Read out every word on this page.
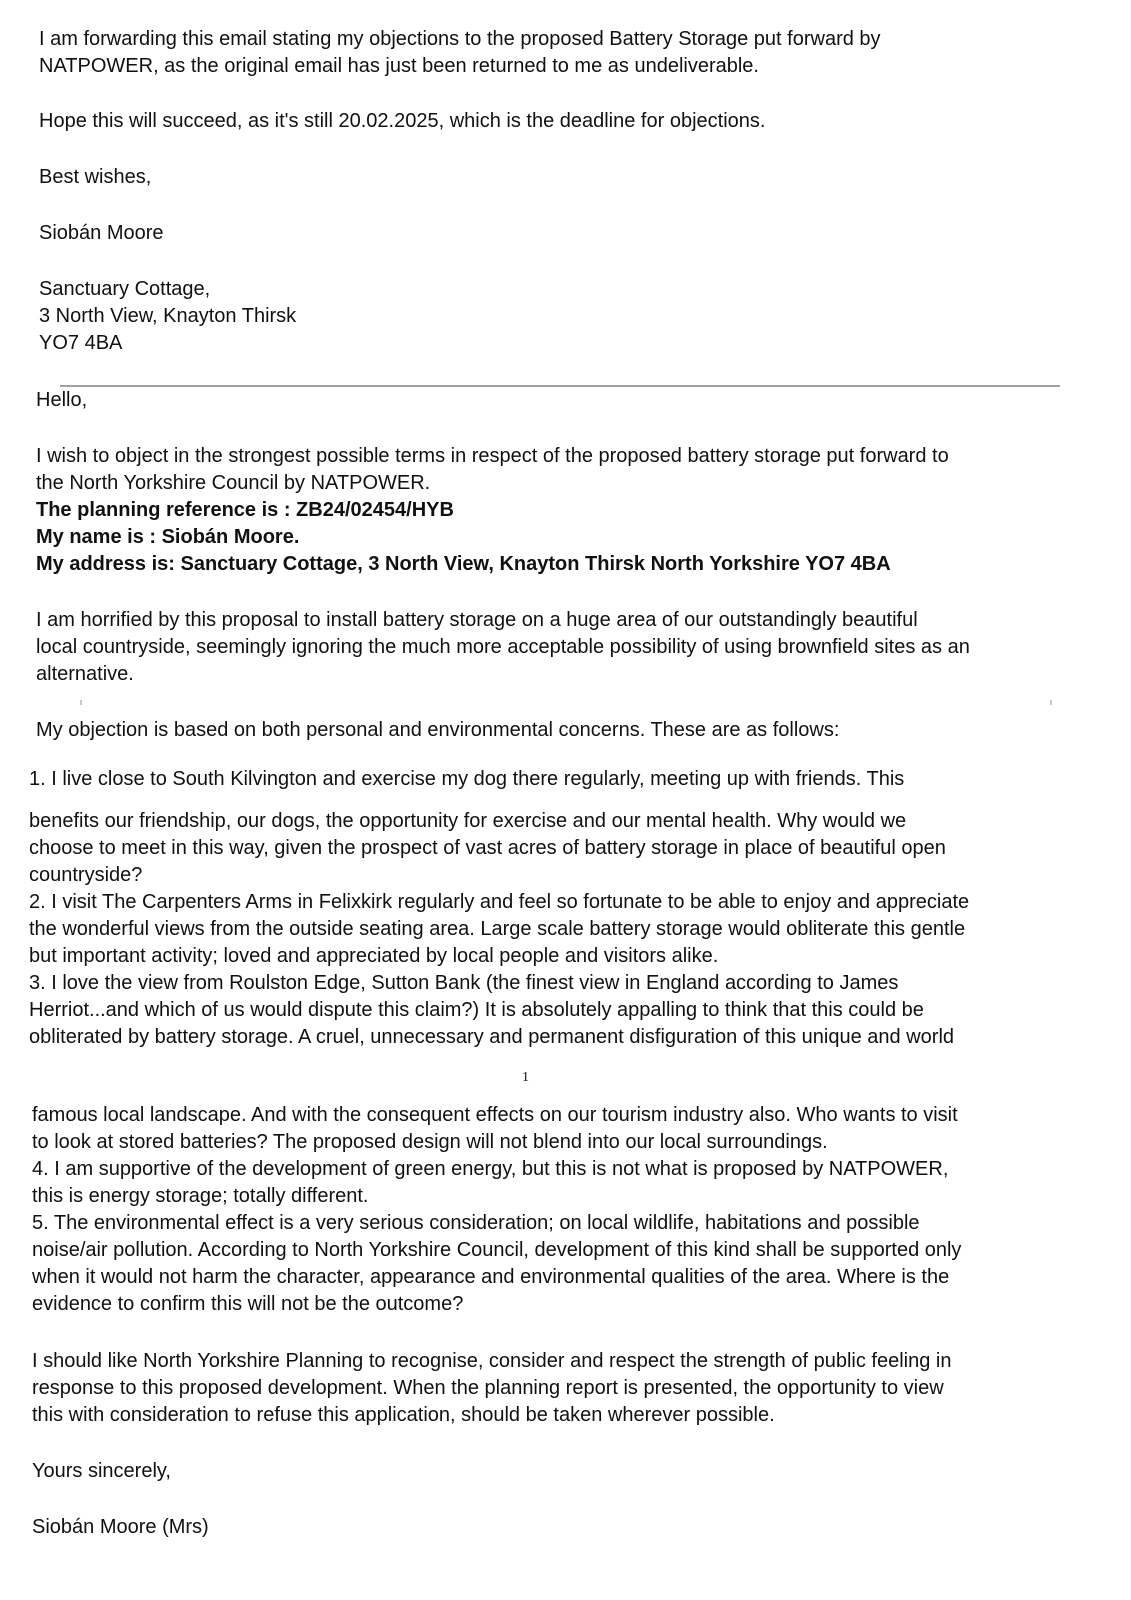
I am forwarding this email stating my objections to the proposed Battery Storage put forward by
NATPOWER, as the original email has just been returned to me as undeliverable.
Hope this will succeed, as it's still 20.02.2025, which is the deadline for objections.
Best wishes,
Siobán Moore
Sanctuary Cottage,
3 North View, Knayton Thirsk
YO7 4BA
Hello,
I wish to object in the strongest possible terms in respect of the proposed battery storage put forward to
the North Yorkshire Council by NATPOWER.
The planning reference is : ZB24/02454/HYB
My name is : Siobán Moore.
My address is: Sanctuary Cottage, 3 North View, Knayton Thirsk North Yorkshire YO7 4BA
I am horrified by this proposal to install battery storage on a huge area of our outstandingly beautiful
local countryside, seemingly ignoring the much more acceptable possibility of using brownfield sites as an
alternative.
My objection is based on both personal and environmental concerns. These are as follows:
1. I live close to South Kilvington and exercise my dog there regularly, meeting up with friends. This
benefits our friendship, our dogs, the opportunity for exercise and our mental health. Why would we
choose to meet in this way, given the prospect of vast acres of battery storage in place of beautiful open
countryside?
2. I visit The Carpenters Arms in Felixkirk regularly and feel so fortunate to be able to enjoy and appreciate
the wonderful views from the outside seating area. Large scale battery storage would obliterate this gentle
but important activity; loved and appreciated by local people and visitors alike.
3. I love the view from Roulston Edge, Sutton Bank (the finest view in England according to James
Herriot...and which of us would dispute this claim?) It is absolutely appalling to think that this could be
obliterated by battery storage. A cruel, unnecessary and permanent disfiguration of this unique and world
1
famous local landscape. And with the consequent effects on our tourism industry also. Who wants to visit
to look at stored batteries? The proposed design will not blend into our local surroundings.
4. I am supportive of the development of green energy, but this is not what is proposed by NATPOWER,
this is energy storage; totally different.
5. The environmental effect is a very serious consideration; on local wildlife, habitations and possible
noise/air pollution. According to North Yorkshire Council, development of this kind shall be supported only
when it would not harm the character, appearance and environmental qualities of the area. Where is the
evidence to confirm this will not be the outcome?
I should like North Yorkshire Planning to recognise, consider and respect the strength of public feeling in
response to this proposed development. When the planning report is presented, the opportunity to view
this with consideration to refuse this application, should be taken wherever possible.
Yours sincerely,
Siobán Moore (Mrs)
